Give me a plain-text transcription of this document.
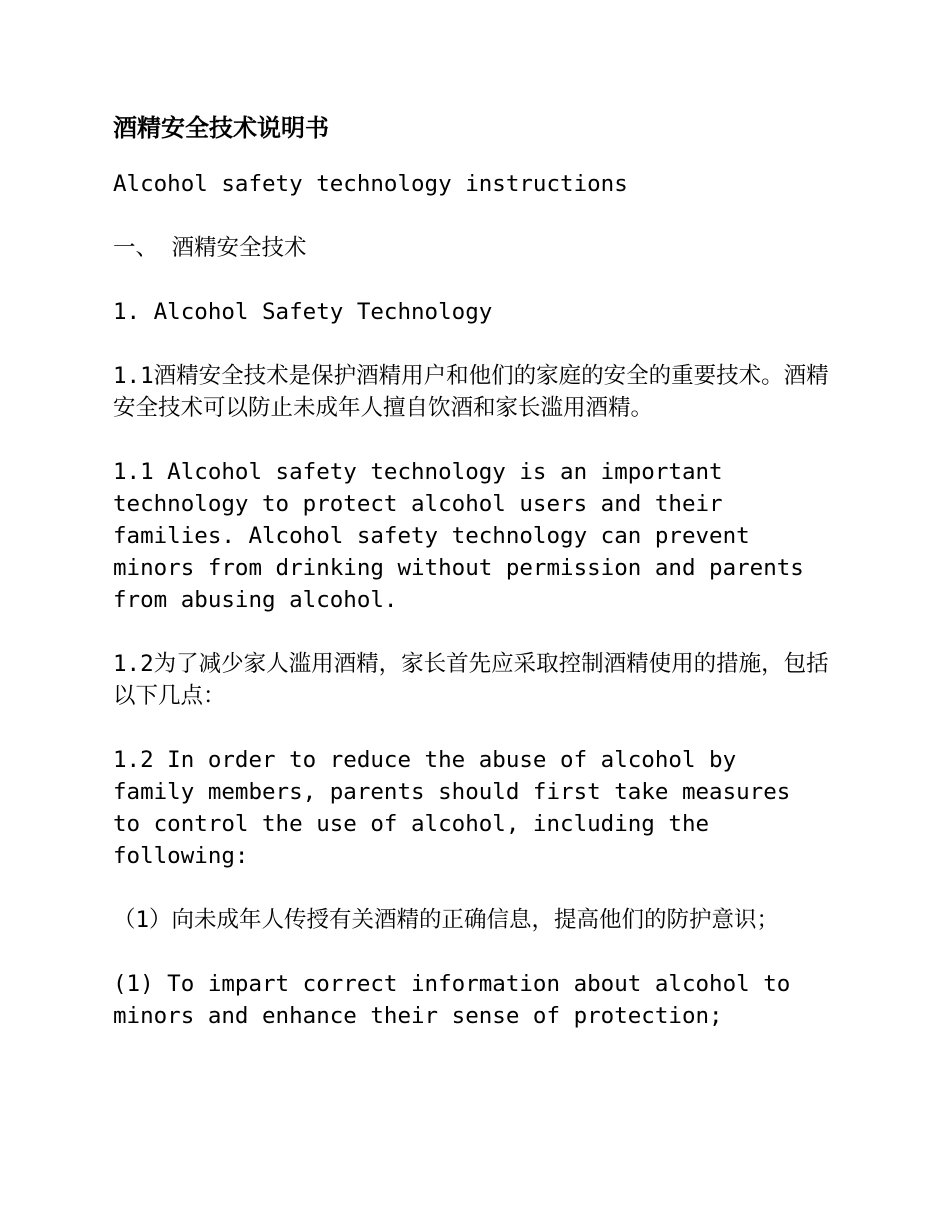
酒精安全技术说明书
Alcohol safety technology instructions
一、 酒精安全技术
1. Alcohol Safety Technology
1.1酒精安全技术是保护酒精用户和他们的家庭的安全的重要技术。酒精安全技术可以防止未成年人擅自饮酒和家长滥用酒精。
1.1 Alcohol safety technology is an important
technology to protect alcohol users and their
families. Alcohol safety technology can prevent
minors from drinking without permission and parents
from abusing alcohol.
1.2为了减少家人滥用酒精，家长首先应采取控制酒精使用的措施，包括以下几点：
1.2 In order to reduce the abuse of alcohol by
family members, parents should first take measures
to control the use of alcohol, including the
following:
（1）向未成年人传授有关酒精的正确信息，提高他们的防护意识；
(1) To impart correct information about alcohol to
minors and enhance their sense of protection;
